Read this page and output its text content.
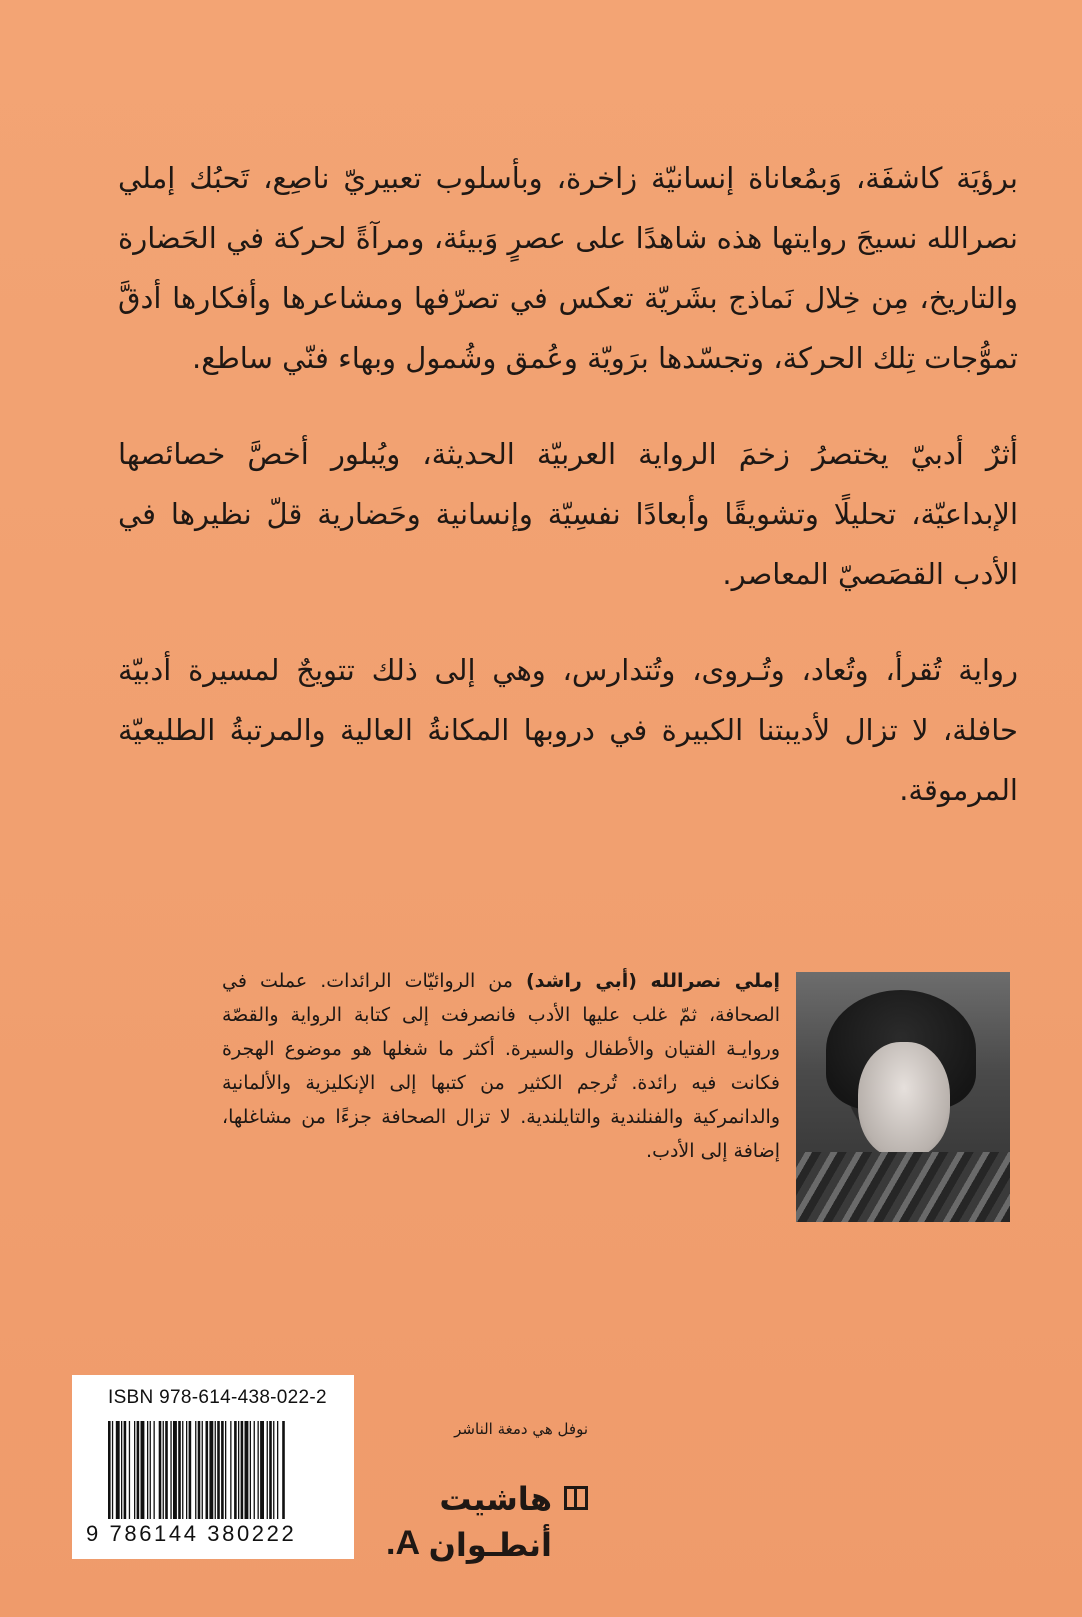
برؤيَة كاشفَة، وَبمُعاناة إنسانيّة زاخرة، وبأسلوب تعبيريّ ناصِع، تَحبُك إملي نصرالله نسيجَ روايتها هذه شاهدًا على عصرٍ وَبيئة، ومرآةً لحركة في الحَضارة والتاريخ، مِن خِلال نَماذج بشَريّة تعكس في تصرّفها ومشاعرها وأفكارها أدقَّ تموُّجات تِلك الحركة، وتجسّدها برَويّة وعُمق وشُمول وبهاء فنّي ساطع.

أثرٌ أدبيّ يختصرُ زخمَ الرواية العربيّة الحديثة، ويُبلور أخصَّ خصائصها الإبداعيّة، تحليلًا وتشويقًا وأبعادًا نفسِيّة وإنسانية وحَضارية قلّ نظيرها في الأدب القصَصيّ المعاصر.

رواية تُقرأ، وتُعاد، وتُـروى، وتُتدارس، وهي إلى ذلك تتويجٌ لمسيرة أدبيّة حافلة، لا تزال لأديبتنا الكبيرة في دروبها المكانةُ العالية والمرتبةُ الطليعيّة المرموقة.

إملي نصرالله (أبي راشد) من الروائيّات الرائدات. عملت في الصحافة، ثمّ غلب عليها الأدب فانصرفت إلى كتابة الرواية والقصّة وروايـة الفتيان والأطفال والسيرة. أكثر ما شغلها هو موضوع الهجرة فكانت فيه رائدة. تُرجم الكثير من كتبها إلى الإنكليزية والألمانية والدانمركية والفنلندية والتايلندية. لا تزال الصحافة جزءًا من مشاغلها، إضافة إلى الأدب.
ISBN 978-614-438-022-2
9 786144 380222
نوفل هي دمغة الناشر
هاشيت
أنطـوان
A.
